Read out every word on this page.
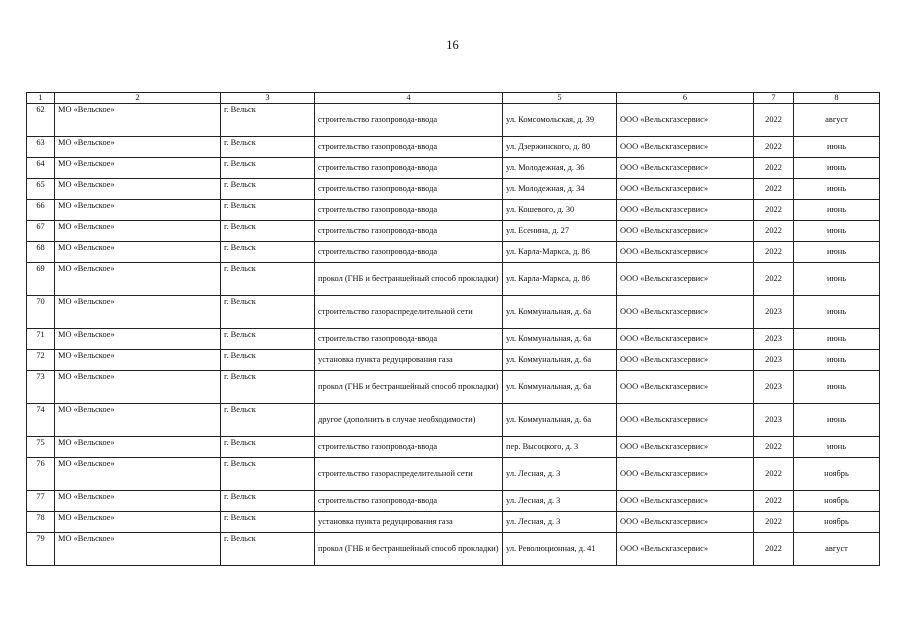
16
1	2	3	4	5	6	7	8
62	МО «Вельское»	г. Вельск	строительство газопровода-ввода	ул. Комсомольская, д. 39	ООО «Вельскгазсервис»	2022	август
63	МО «Вельское»	г. Вельск	строительство газопровода-ввода	ул. Дзержинского, д. 80	ООО «Вельскгазсервис»	2022	июнь
64	МО «Вельское»	г. Вельск	строительство газопровода-ввода	ул. Молодежная, д. 36	ООО «Вельскгазсервис»	2022	июнь
65	МО «Вельское»	г. Вельск	строительство газопровода-ввода	ул. Молодежная, д. 34	ООО «Вельскгазсервис»	2022	июнь
66	МО «Вельское»	г. Вельск	строительство газопровода-ввода	ул. Кошевого, д. 30	ООО «Вельскгазсервис»	2022	июнь
67	МО «Вельское»	г. Вельск	строительство газопровода-ввода	ул. Есенина, д. 27	ООО «Вельскгазсервис»	2022	июнь
68	МО «Вельское»	г. Вельск	строительство газопровода-ввода	ул. Карла-Маркса, д. 86	ООО «Вельскгазсервис»	2022	июнь
69	МО «Вельское»	г. Вельск	прокол (ГНБ и бестраншейный способ прокладки)	ул. Карла-Маркса, д. 86	ООО «Вельскгазсервис»	2022	июнь
70	МО «Вельское»	г. Вельск	строительство газораспределительной сети	ул. Коммунальная, д. 6а	ООО «Вельскгазсервис»	2023	июнь
71	МО «Вельское»	г. Вельск	строительство газопровода-ввода	ул. Коммунальная, д. 6а	ООО «Вельскгазсервис»	2023	июнь
72	МО «Вельское»	г. Вельск	установка пункта редуцирования газа	ул. Коммунальная, д. 6а	ООО «Вельскгазсервис»	2023	июнь
73	МО «Вельское»	г. Вельск	прокол (ГНБ и бестраншейный способ прокладки)	ул. Коммунальная, д. 6а	ООО «Вельскгазсервис»	2023	июнь
74	МО «Вельское»	г. Вельск	другое (дополнить в случае необходимости)	ул. Коммунальная, д. 6а	ООО «Вельскгазсервис»	2023	июнь
75	МО «Вельское»	г. Вельск	строительство газопровода-ввода	пер. Высоцкого, д. 3	ООО «Вельскгазсервис»	2022	июнь
76	МО «Вельское»	г. Вельск	строительство газораспределительной сети	ул. Лесная, д. 3	ООО «Вельскгазсервис»	2022	ноябрь
77	МО «Вельское»	г. Вельск	строительство газопровода-ввода	ул. Лесная, д. 3	ООО «Вельскгазсервис»	2022	ноябрь
78	МО «Вельское»	г. Вельск	установка пункта редуцирования газа	ул. Лесная, д. 3	ООО «Вельскгазсервис»	2022	ноябрь
79	МО «Вельское»	г. Вельск	прокол (ГНБ и бестраншейный способ прокладки)	ул. Революционная, д. 41	ООО «Вельскгазсервис»	2022	август
